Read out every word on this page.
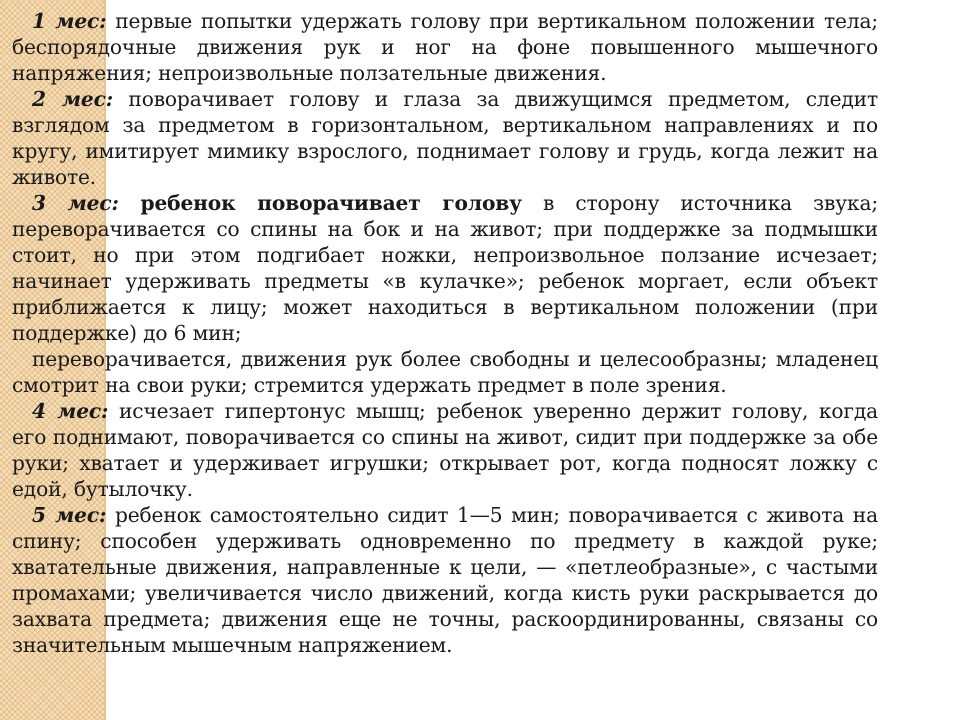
1 мес: первые попытки удержать голову при вертикальном положении тела; беспорядочные движения рук и ног на фоне повышенного мышечного напряжения; непроизвольные ползательные движения.

2 мес: поворачивает голову и глаза за движущимся предметом, следит взглядом за предметом в горизонтальном, вертикальном направлениях и по кругу, имитирует мимику взрослого, поднимает голову и грудь, когда лежит на животе.

3 мес: ребенок поворачивает голову в сторону источника звука; переворачивается со спины на бок и на живот; при поддержке за подмышки стоит, но при этом подгибает ножки, непроизвольное ползание исчезает; начинает удерживать предметы «в кулачке»; ребенок моргает, если объект приближается к лицу; может находиться в вертикальном положении (при поддержке) до 6 мин;

переворачивается, движения рук более свободны и целесообразны; младенец смотрит на свои руки; стремится удержать предмет в поле зрения.

4 мес: исчезает гипертонус мышц; ребенок уверенно держит голову, когда его поднимают, поворачивается со спины на живот, сидит при поддержке за обе руки; хватает и удерживает игрушки; открывает рот, когда подносят ложку с едой, бутылочку.

5 мес: ребенок самостоятельно сидит 1—5 мин; поворачивается с живота на спину; способен удерживать одновременно по предмету в каждой руке; хватательные движения, направленные к цели, — «петлеобразные», с частыми промахами; увеличивается число движений, когда кисть руки раскрывается до захвата предмета; движения еще не точны, раскоординированны, связаны со значительным мышечным напряжением.
